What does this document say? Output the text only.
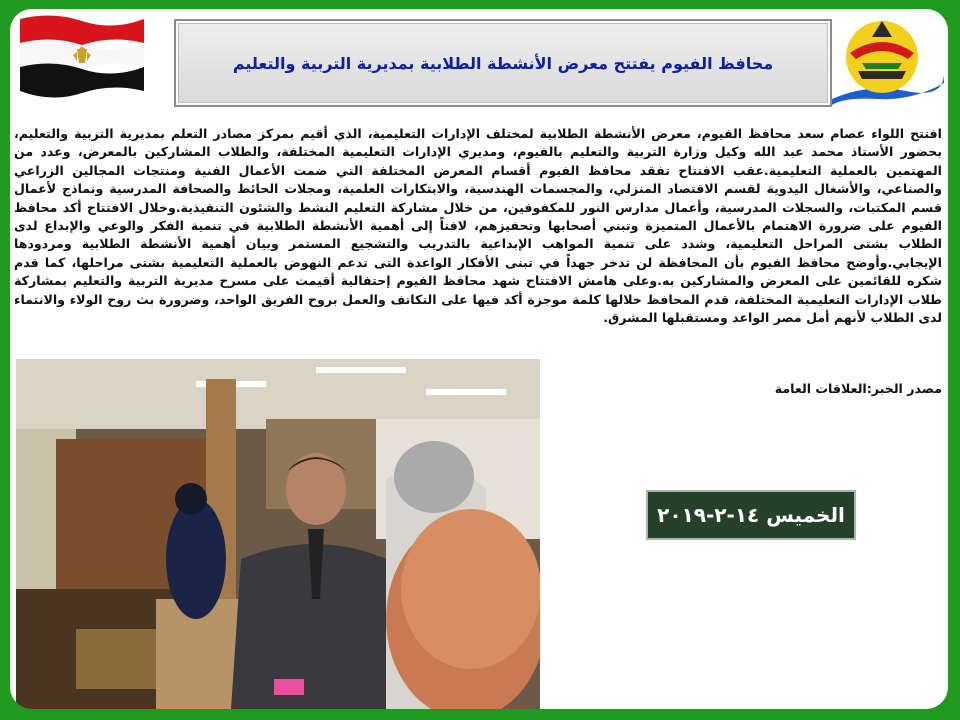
محافظ الفيوم يفتتح معرض الأنشطة الطلابية بمديرية التربية والتعليم

افتتح اللواء عصام سعد محافظ الفيوم، معرض الأنشطة الطلابية لمختلف الإدارات التعليمية، الذي أقيم بمركز مصادر التعلم بمديرية التربية والتعليم، بحضور الأستاذ محمد عبد الله وكيل وزارة التربية والتعليم بالفيوم، ومديري الإدارات التعليمية المختلفة، والطلاب المشاركين بالمعرض، وعدد من المهتمين بالعملية التعليمية.عقب الافتتاح تفقد محافظ الفيوم أقسام المعرض المختلفة التي ضمت الأعمال الفنية ومنتجات المجالين الزراعي والصناعي، والأشغال اليدوية لقسم الاقتصاد المنزلي، والمجسمات الهندسية، والابتكارات العلمية، ومجلات الحائط والصحافة المدرسية ونماذج لأعمال قسم المكتبات، والسجلات المدرسية، وأعمال مدارس النور للمكفوفين، من خلال مشاركة التعليم النشط والشئون التنفيذية.وخلال الافتتاح أكد محافظ الفيوم على ضرورة الاهتمام بالأعمال المتميزة وتبني أصحابها وتحفيزهم، لافتاً إلى أهمية الأنشطة الطلابية في تنمية الفكر والوعي والإبداع لدى الطلاب بشتى المراحل التعليمية، وشدد على تنمية المواهب الإبداعية بالتدريب والتشجيع المستمر وبيان أهمية الأنشطة الطلابية ومردودها الإيجابي.وأوضح محافظ الفيوم بأن المحافظة لن تدخر جهداً في تبنى الأفكار الواعدة التى تدعم النهوض بالعملية التعليمية بشتى مراحلها، كما قدم شكره للقائمين على المعرض والمشاركين به.وعلى هامش الافتتاح شهد محافظ الفيوم إحتفالية أقيمت على مسرح مديرية التربية والتعليم بمشاركة طلاب الإدارات التعليمية المختلفة، قدم المحافظ خلالها كلمة موجزة أكد فيها على التكاتف والعمل بروح الفريق الواحد، وضرورة بث روح الولاء والانتماء لدى الطلاب لأنهم أمل مصر الواعد ومستقبلها المشرق.

مصدر الخبر:العلاقات العامة
الخميس ١٤-٢-٢٠١٩
